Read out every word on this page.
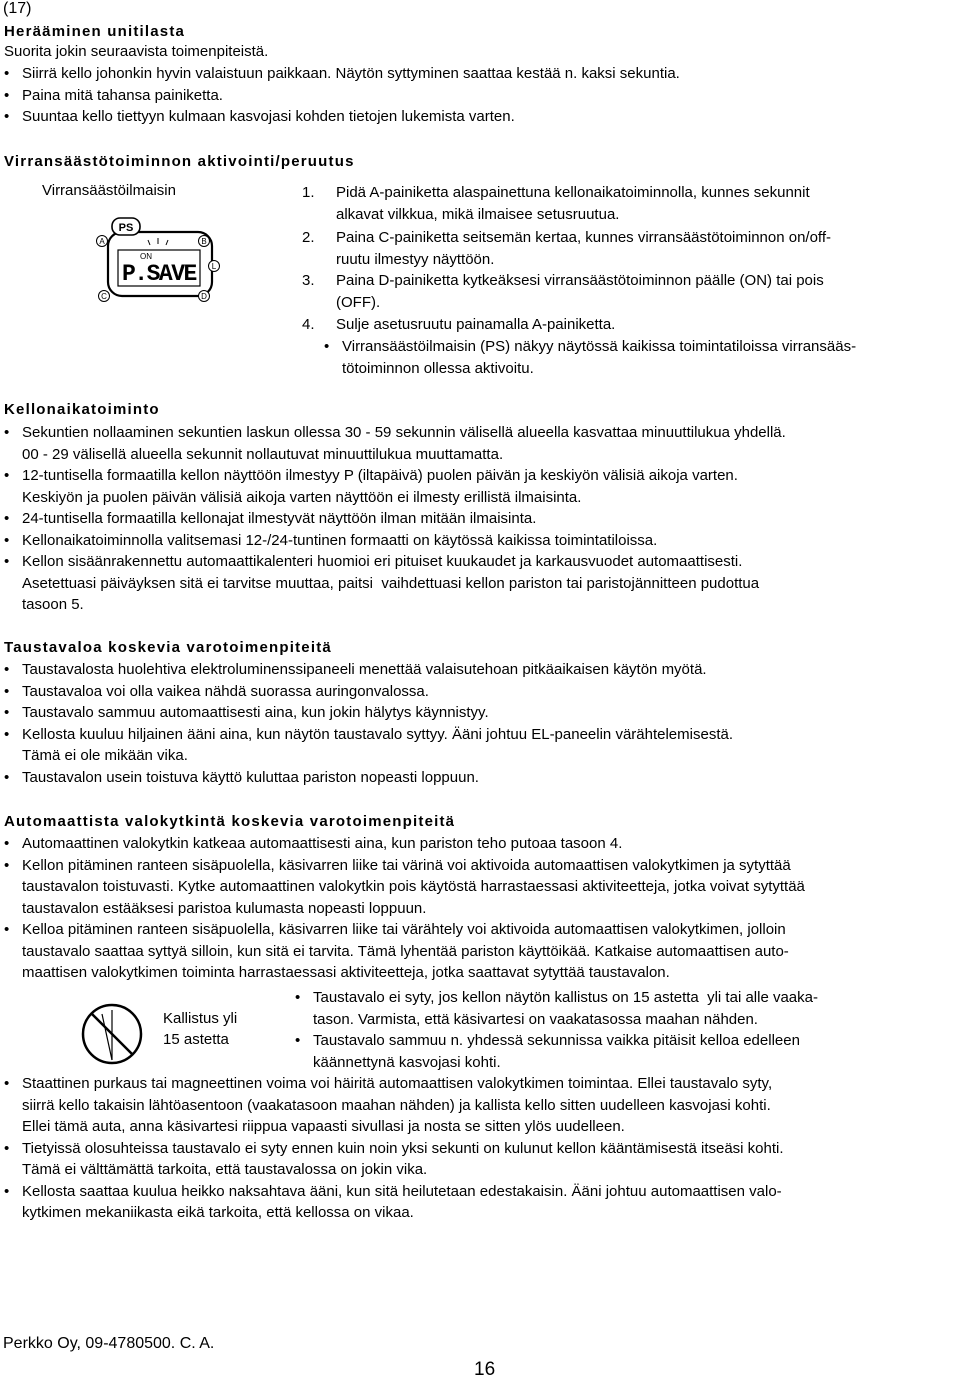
(17)
Herääminen unitilasta
Suorita jokin seuraavista toimenpiteistä.
• Siirrä kello johonkin hyvin valaistuun paikkaan. Näytön syttyminen saattaa kestää n. kaksi sekuntia.
• Paina mitä tahansa painiketta.
• Suuntaa kello tiettyyn kulmaan kasvojasi kohden tietojen lukemista varten.
Virransäästötoiminnon aktivointi/peruutus
Virransäästöilmaisin
PS
ON
P.SAVE
A	B
L
C	D
1. Pidä A-painiketta alaspainettuna kellonaikatoiminnolla, kunnes sekunnit
alkavat vilkkua, mikä ilmaisee setusruutua.
2. Paina C-painiketta seitsemän kertaa, kunnes virransäästötoiminnon on/off-
ruutu ilmestyy näyttöön.
3. Paina D-painiketta kytkeäksesi virransäästötoiminnon päälle (ON) tai pois
(OFF).
4. Sulje asetusruutu painamalla A-painiketta.
• Virransäästöilmaisin (PS) näkyy näytössä kaikissa toimintatiloissa virransääs-
tötoiminnon ollessa aktivoitu.
Kellonaikatoiminto
• Sekuntien nollaaminen sekuntien laskun ollessa 30 - 59 sekunnin välisellä alueella kasvattaa minuuttilukua yhdellä.
00 - 29 välisellä alueella sekunnit nollautuvat minuuttilukua muuttamatta.
• 12-tuntisella formaatilla kellon näyttöön ilmestyy P (iltapäivä) puolen päivän ja keskiyön välisiä aikoja varten.
Keskiyön ja puolen päivän välisiä aikoja varten näyttöön ei ilmesty erillistä ilmaisinta.
• 24-tuntisella formaatilla kellonajat ilmestyvät näyttöön ilman mitään ilmaisinta.
• Kellonaikatoiminnolla valitsemasi 12-/24-tuntinen formaatti on käytössä kaikissa toimintatiloissa.
• Kellon sisäänrakennettu automaattikalenteri huomioi eri pituiset kuukaudet ja karkausvuodet automaattisesti.
Asetettuasi päiväyksen sitä ei tarvitse muuttaa, paitsi  vaihdettuasi kellon pariston tai paristojännitteen pudottua
tasoon 5.
Taustavaloa koskevia varotoimenpiteitä
• Taustavalosta huolehtiva elektroluminenssipaneeli menettää valaisutehoan pitkäaikaisen käytön myötä.
• Taustavaloa voi olla vaikea nähdä suorassa auringonvalossa.
• Taustavalo sammuu automaattisesti aina, kun jokin hälytys käynnistyy.
• Kellosta kuuluu hiljainen ääni aina, kun näytön taustavalo syttyy. Ääni johtuu EL-paneelin värähtelemisestä.
Tämä ei ole mikään vika.
• Taustavalon usein toistuva käyttö kuluttaa pariston nopeasti loppuun.
Automaattista valokytkintä koskevia varotoimenpiteitä
• Automaattinen valokytkin katkeaa automaattisesti aina, kun pariston teho putoaa tasoon 4.
• Kellon pitäminen ranteen sisäpuolella, käsivarren liike tai värinä voi aktivoida automaattisen valokytkimen ja sytyttää
taustavalon toistuvasti. Kytke automaattinen valokytkin pois käytöstä harrastaessasi aktiviteetteja, jotka voivat sytyttää
taustavalon estääksesi paristoa kulumasta nopeasti loppuun.
• Kelloa pitäminen ranteen sisäpuolella, käsivarren liike tai värähtely voi aktivoida automaattisen valokytkimen, jolloin
taustavalo saattaa syttyä silloin, kun sitä ei tarvita. Tämä lyhentää pariston käyttöikää. Katkaise automaattisen auto-
maattisen valokytkimen toiminta harrastaessasi aktiviteetteja, jotka saattavat sytyttää taustavalon.
Kallistus yli
15 astetta
• Taustavalo ei syty, jos kellon näytön kallistus on 15 astetta  yli tai alle vaaka-
tason. Varmista, että käsivartesi on vaakatasossa maahan nähden.
• Taustavalo sammuu n. yhdessä sekunnissa vaikka pitäisit kelloa edelleen
käännettynä kasvojasi kohti.
• Staattinen purkaus tai magneettinen voima voi häiritä automaattisen valokytkimen toimintaa. Ellei taustavalo syty,
siirrä kello takaisin lähtöasentoon (vaakatasoon maahan nähden) ja kallista kello sitten uudelleen kasvojasi kohti.
Ellei tämä auta, anna käsivartesi riippua vapaasti sivullasi ja nosta se sitten ylös uudelleen.
• Tietyissä olosuhteissa taustavalo ei syty ennen kuin noin yksi sekunti on kulunut kellon kääntämisestä itseäsi kohti.
Tämä ei välttämättä tarkoita, että taustavalossa on jokin vika.
• Kellosta saattaa kuulua heikko naksahtava ääni, kun sitä heilutetaan edestakaisin. Ääni johtuu automaattisen valo-
kytkimen mekaniikasta eikä tarkoita, että kellossa on vikaa.
Perkko Oy, 09-4780500. C. A.
16
